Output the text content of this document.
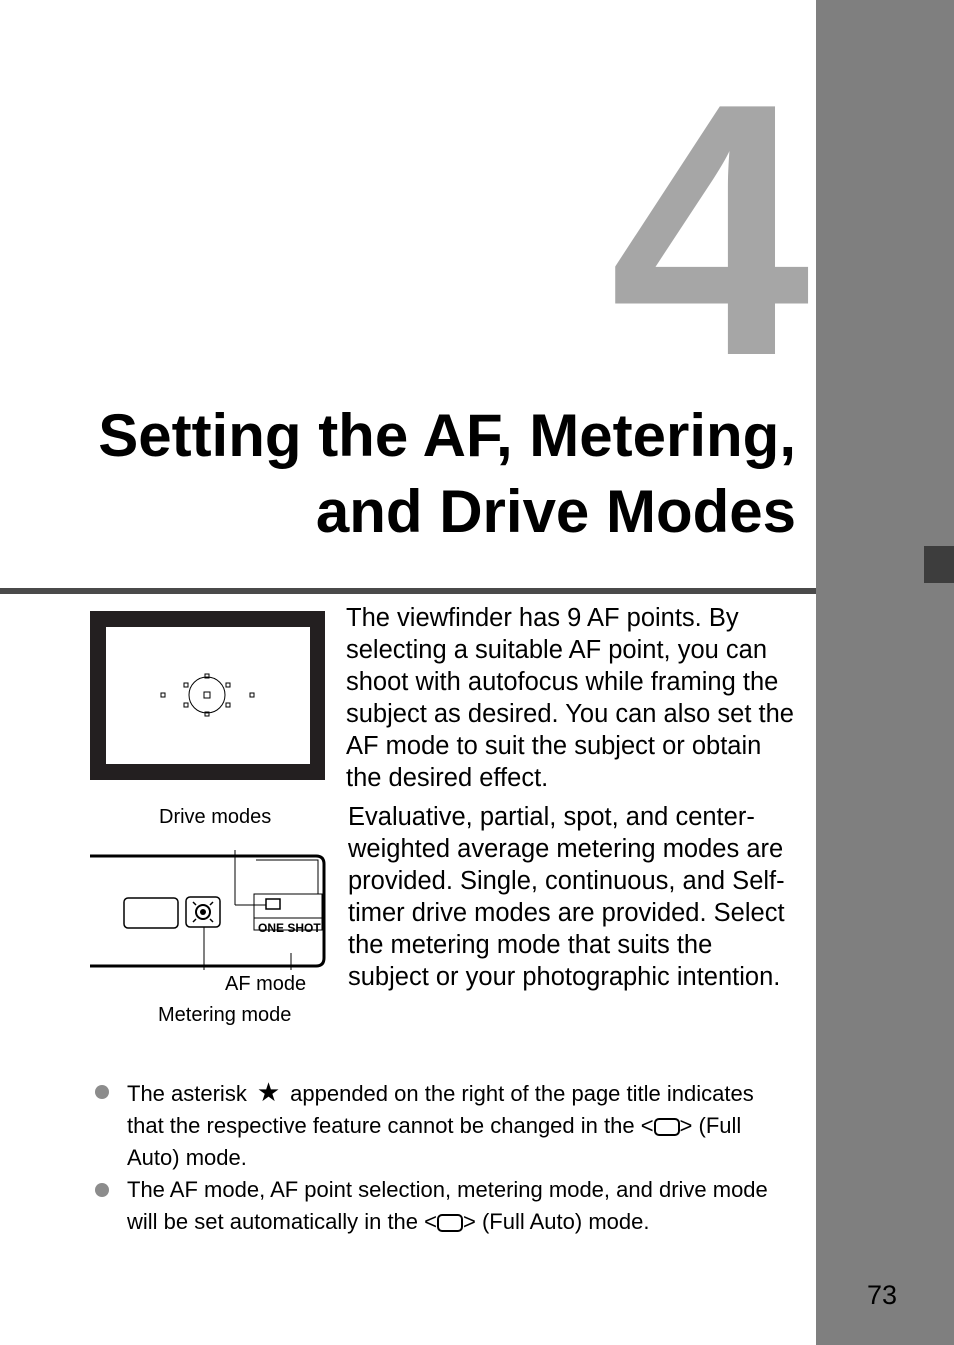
4
Setting the AF, Metering,
and Drive Modes
ONE SHOT
Drive modes
AF mode
Metering mode
The viewfinder has 9 AF points. By selecting a suitable AF point, you can shoot with autofocus while framing the subject as desired. You can also set the AF mode to suit the subject or obtain the desired effect.
Evaluative, partial, spot, and center-weighted average metering modes are provided. Single, continuous, and Self-timer drive modes are provided. Select the metering mode that suits the subject or your photographic intention.
The asterisk ★ appended on the right of the page title indicates that the respective feature cannot be changed in the < > (Full Auto) mode.
The AF mode, AF point selection, metering mode, and drive mode will be set automatically in the < > (Full Auto) mode.
73
